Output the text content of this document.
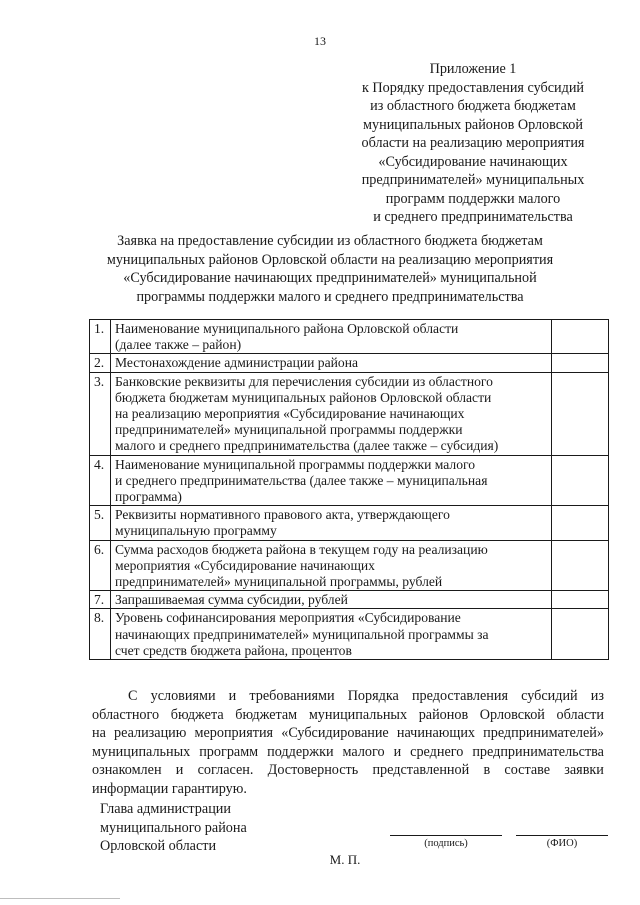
13
Приложение 1
к Порядку предоставления субсидий
из областного бюджета бюджетам
муниципальных районов Орловской
области на реализацию мероприятия
«Субсидирование начинающих
предпринимателей» муниципальных
программ поддержки малого
и среднего предпринимательства
Заявка на предоставление субсидии из областного бюджета бюджетам
муниципальных районов Орловской области на реализацию мероприятия
«Субсидирование начинающих предпринимателей» муниципальной
программы поддержки малого и среднего предпринимательства
1.	Наименование муниципального района Орловской области
(далее также – район)	

2.	Местонахождение администрации района	

3.	Банковские реквизиты для перечисления субсидии из областного
бюджета бюджетам муниципальных районов Орловской области
на реализацию мероприятия «Субсидирование начинающих
предпринимателей» муниципальной программы поддержки
малого и среднего предпринимательства (далее также – субсидия)	

4.	Наименование муниципальной программы поддержки малого
и среднего предпринимательства (далее также – муниципальная
программа)	

5.	Реквизиты нормативного правового акта, утверждающего
муниципальную программу	

6.	Сумма расходов бюджета района в текущем году на реализацию
мероприятия «Субсидирование начинающих
предпринимателей» муниципальной программы, рублей	

7.	Запрашиваемая сумма субсидии, рублей	

8.	Уровень софинансирования мероприятия «Субсидирование
начинающих предпринимателей» муниципальной программы за
счет средств бюджета района, процентов	

С условиями и требованиями Порядка предоставления субсидий из
областного бюджета бюджетам муниципальных районов Орловской области
на реализацию мероприятия «Субсидирование начинающих предпринимателей»
муниципальных программ поддержки малого и среднего предпринимательства
ознакомлен и согласен. Достоверность представленной в составе заявки
информации гарантирую.
Глава администрации
муниципального района
Орловской области	(подпись)	(ФИО)
М. П.
